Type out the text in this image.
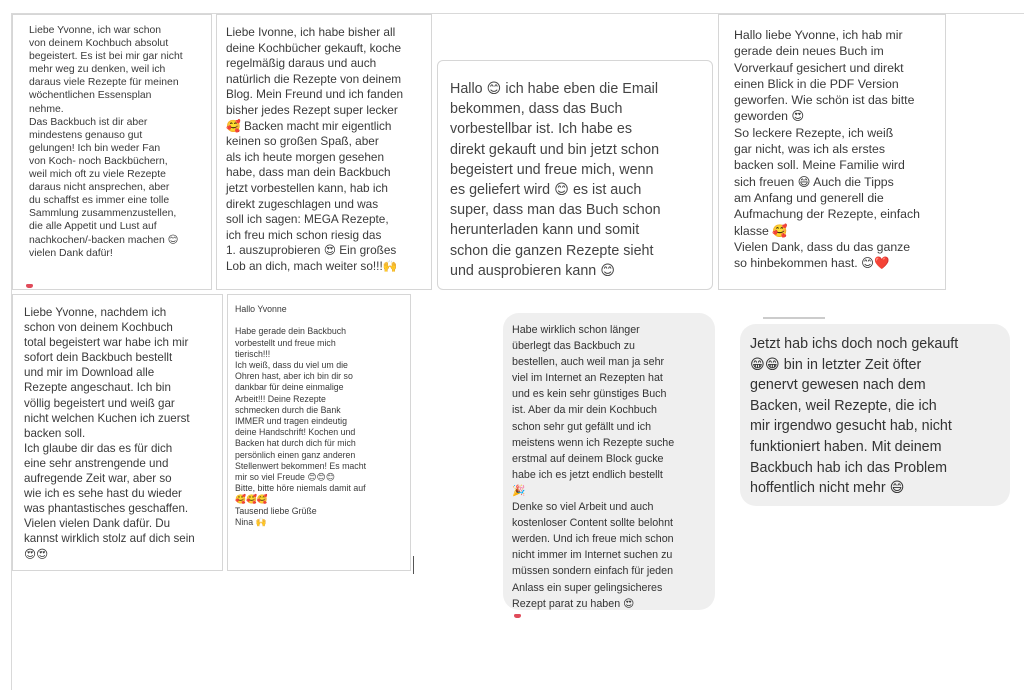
Liebe Yvonne, ich war schon
von deinem Kochbuch absolut
begeistert. Es ist bei mir gar nicht
mehr weg zu denken, weil ich
daraus viele Rezepte für meinen
wöchentlichen Essensplan
nehme.
Das Backbuch ist dir aber
mindestens genauso gut
gelungen! Ich bin weder Fan
von Koch- noch Backbüchern,
weil mich oft zu viele Rezepte
daraus nicht ansprechen, aber
du schaffst es immer eine tolle
Sammlung zusammenzustellen,
die alle Appetit und Lust auf
nachkochen/-backen machen 😊
vielen Dank dafür!

Liebe Ivonne, ich habe bisher all
deine Kochbücher gekauft, koche
regelmäßig daraus und auch
natürlich die Rezepte von deinem
Blog. Mein Freund und ich fanden
bisher jedes Rezept super lecker
🥰 Backen macht mir eigentlich
keinen so großen Spaß, aber
als ich heute morgen gesehen
habe, dass man dein Backbuch
jetzt vorbestellen kann, hab ich
direkt zugeschlagen und was
soll ich sagen: MEGA Rezepte,
ich freu mich schon riesig das
1. auszuprobieren 😍 Ein großes
Lob an dich, mach weiter so!!!🙌

Hallo 😊 ich habe eben die Email
bekommen, dass das Buch
vorbestellbar ist. Ich habe es
direkt gekauft und bin jetzt schon
begeistert und freue mich, wenn
es geliefert wird 😊 es ist auch
super, dass man das Buch schon
herunterladen kann und somit
schon die ganzen Rezepte sieht
und ausprobieren kann 😊

Hallo liebe Yvonne, ich hab mir
gerade dein neues Buch im
Vorverkauf gesichert und direkt
einen Blick in die PDF Version
geworfen. Wie schön ist das bitte
geworden 😍
So leckere Rezepte, ich weiß
gar nicht, was ich als erstes
backen soll. Meine Familie wird
sich freuen 😄 Auch die Tipps
am Anfang und generell die
Aufmachung der Rezepte, einfach
klasse 🥰
Vielen Dank, dass du das ganze
so hinbekommen hast. 😊❤️

Liebe Yvonne, nachdem ich
schon von deinem Kochbuch
total begeistert war habe ich mir
sofort dein Backbuch bestellt
und mir im Download alle
Rezepte angeschaut. Ich bin
völlig begeistert und weiß gar
nicht welchen Kuchen ich zuerst
backen soll.
Ich glaube dir das es für dich
eine sehr anstrengende und
aufregende Zeit war, aber so
wie ich es sehe hast du wieder
was phantastisches geschaffen.
Vielen vielen Dank dafür. Du
kannst wirklich stolz auf dich sein
😍😍

Hallo Yvonne

Habe gerade dein Backbuch
vorbestellt und freue mich
tierisch!!!
Ich weiß, dass du viel um die
Ohren hast, aber ich bin dir so
dankbar für deine einmalige
Arbeit!!! Deine Rezepte
schmecken durch die Bank
IMMER und tragen eindeutig
deine Handschrift! Kochen und
Backen hat durch dich für mich
persönlich einen ganz anderen
Stellenwert bekommen! Es macht
mir so viel Freude 😊😊😊
Bitte, bitte höre niemals damit auf
🥰🥰🥰
Tausend liebe Grüße
Nina 🙌

Habe wirklich schon länger
überlegt das Backbuch zu
bestellen, auch weil man ja sehr
viel im Internet an Rezepten hat
und es kein sehr günstiges Buch
ist. Aber da mir dein Kochbuch
schon sehr gut gefällt und ich
meistens wenn ich Rezepte suche
erstmal auf deinem Block gucke
habe ich es jetzt endlich bestellt
🎉
Denke so viel Arbeit und auch
kostenloser Content sollte belohnt
werden. Und ich freue mich schon
nicht immer im Internet suchen zu
müssen sondern einfach für jeden
Anlass ein super gelingsicheres
Rezept parat zu haben 😍

Jetzt hab ichs doch noch gekauft
😁😁 bin in letzter Zeit öfter
genervt gewesen nach dem
Backen, weil Rezepte, die ich
mir irgendwo gesucht hab, nicht
funktioniert haben. Mit deinem
Backbuch hab ich das Problem
hoffentlich nicht mehr 😄
